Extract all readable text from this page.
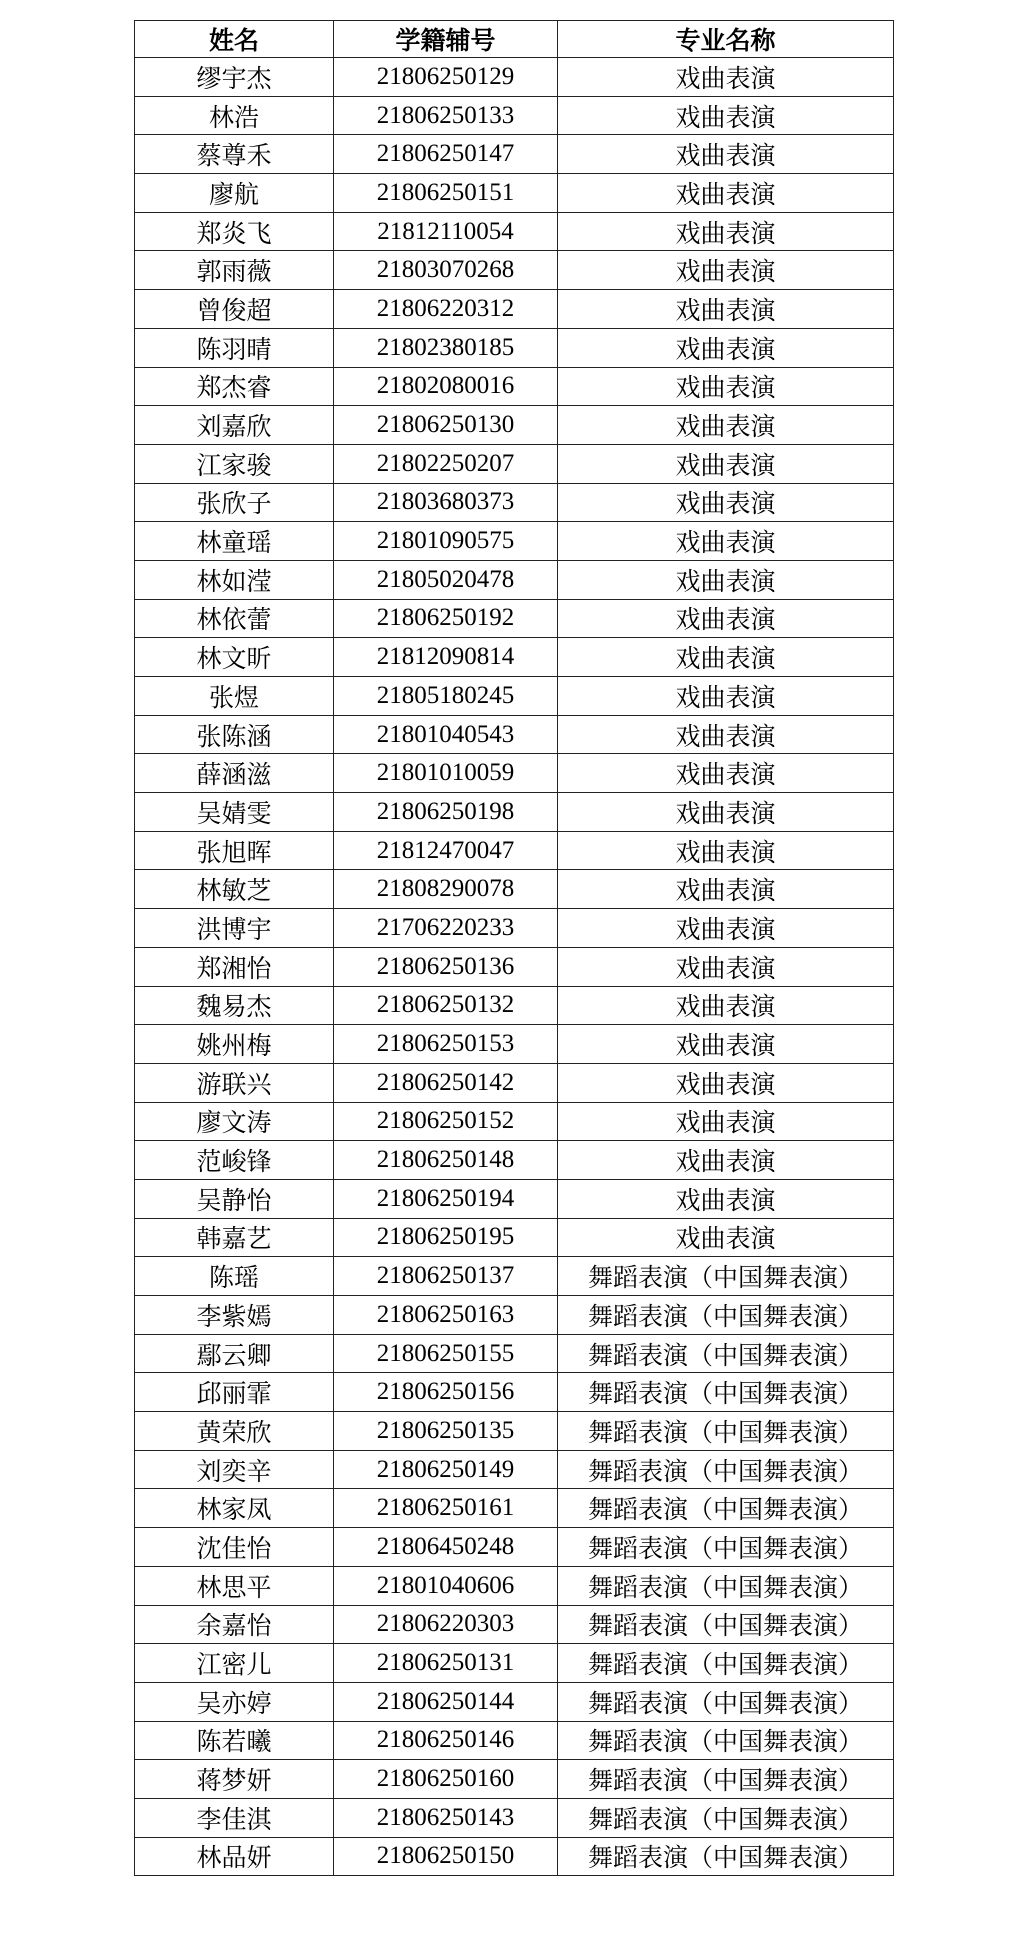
姓名	学籍辅号	专业名称
缪宇杰	21806250129	戏曲表演
林浩	21806250133	戏曲表演
蔡尊禾	21806250147	戏曲表演
廖航	21806250151	戏曲表演
郑炎飞	21812110054	戏曲表演
郭雨薇	21803070268	戏曲表演
曾俊超	21806220312	戏曲表演
陈羽晴	21802380185	戏曲表演
郑杰睿	21802080016	戏曲表演
刘嘉欣	21806250130	戏曲表演
江家骏	21802250207	戏曲表演
张欣子	21803680373	戏曲表演
林童瑶	21801090575	戏曲表演
林如滢	21805020478	戏曲表演
林依蕾	21806250192	戏曲表演
林文昕	21812090814	戏曲表演
张煜	21805180245	戏曲表演
张陈涵	21801040543	戏曲表演
薛涵滋	21801010059	戏曲表演
吴婧雯	21806250198	戏曲表演
张旭晖	21812470047	戏曲表演
林敏芝	21808290078	戏曲表演
洪博宇	21706220233	戏曲表演
郑湘怡	21806250136	戏曲表演
魏易杰	21806250132	戏曲表演
姚州梅	21806250153	戏曲表演
游联兴	21806250142	戏曲表演
廖文涛	21806250152	戏曲表演
范峻锋	21806250148	戏曲表演
吴静怡	21806250194	戏曲表演
韩嘉艺	21806250195	戏曲表演
陈瑶	21806250137	舞蹈表演（中国舞表演）
李紫嫣	21806250163	舞蹈表演（中国舞表演）
鄢云卿	21806250155	舞蹈表演（中国舞表演）
邱丽霏	21806250156	舞蹈表演（中国舞表演）
黄荣欣	21806250135	舞蹈表演（中国舞表演）
刘奕辛	21806250149	舞蹈表演（中国舞表演）
林家凤	21806250161	舞蹈表演（中国舞表演）
沈佳怡	21806450248	舞蹈表演（中国舞表演）
林思平	21801040606	舞蹈表演（中国舞表演）
余嘉怡	21806220303	舞蹈表演（中国舞表演）
江密儿	21806250131	舞蹈表演（中国舞表演）
吴亦婷	21806250144	舞蹈表演（中国舞表演）
陈若曦	21806250146	舞蹈表演（中国舞表演）
蒋梦妍	21806250160	舞蹈表演（中国舞表演）
李佳淇	21806250143	舞蹈表演（中国舞表演）
林品妍	21806250150	舞蹈表演（中国舞表演）
